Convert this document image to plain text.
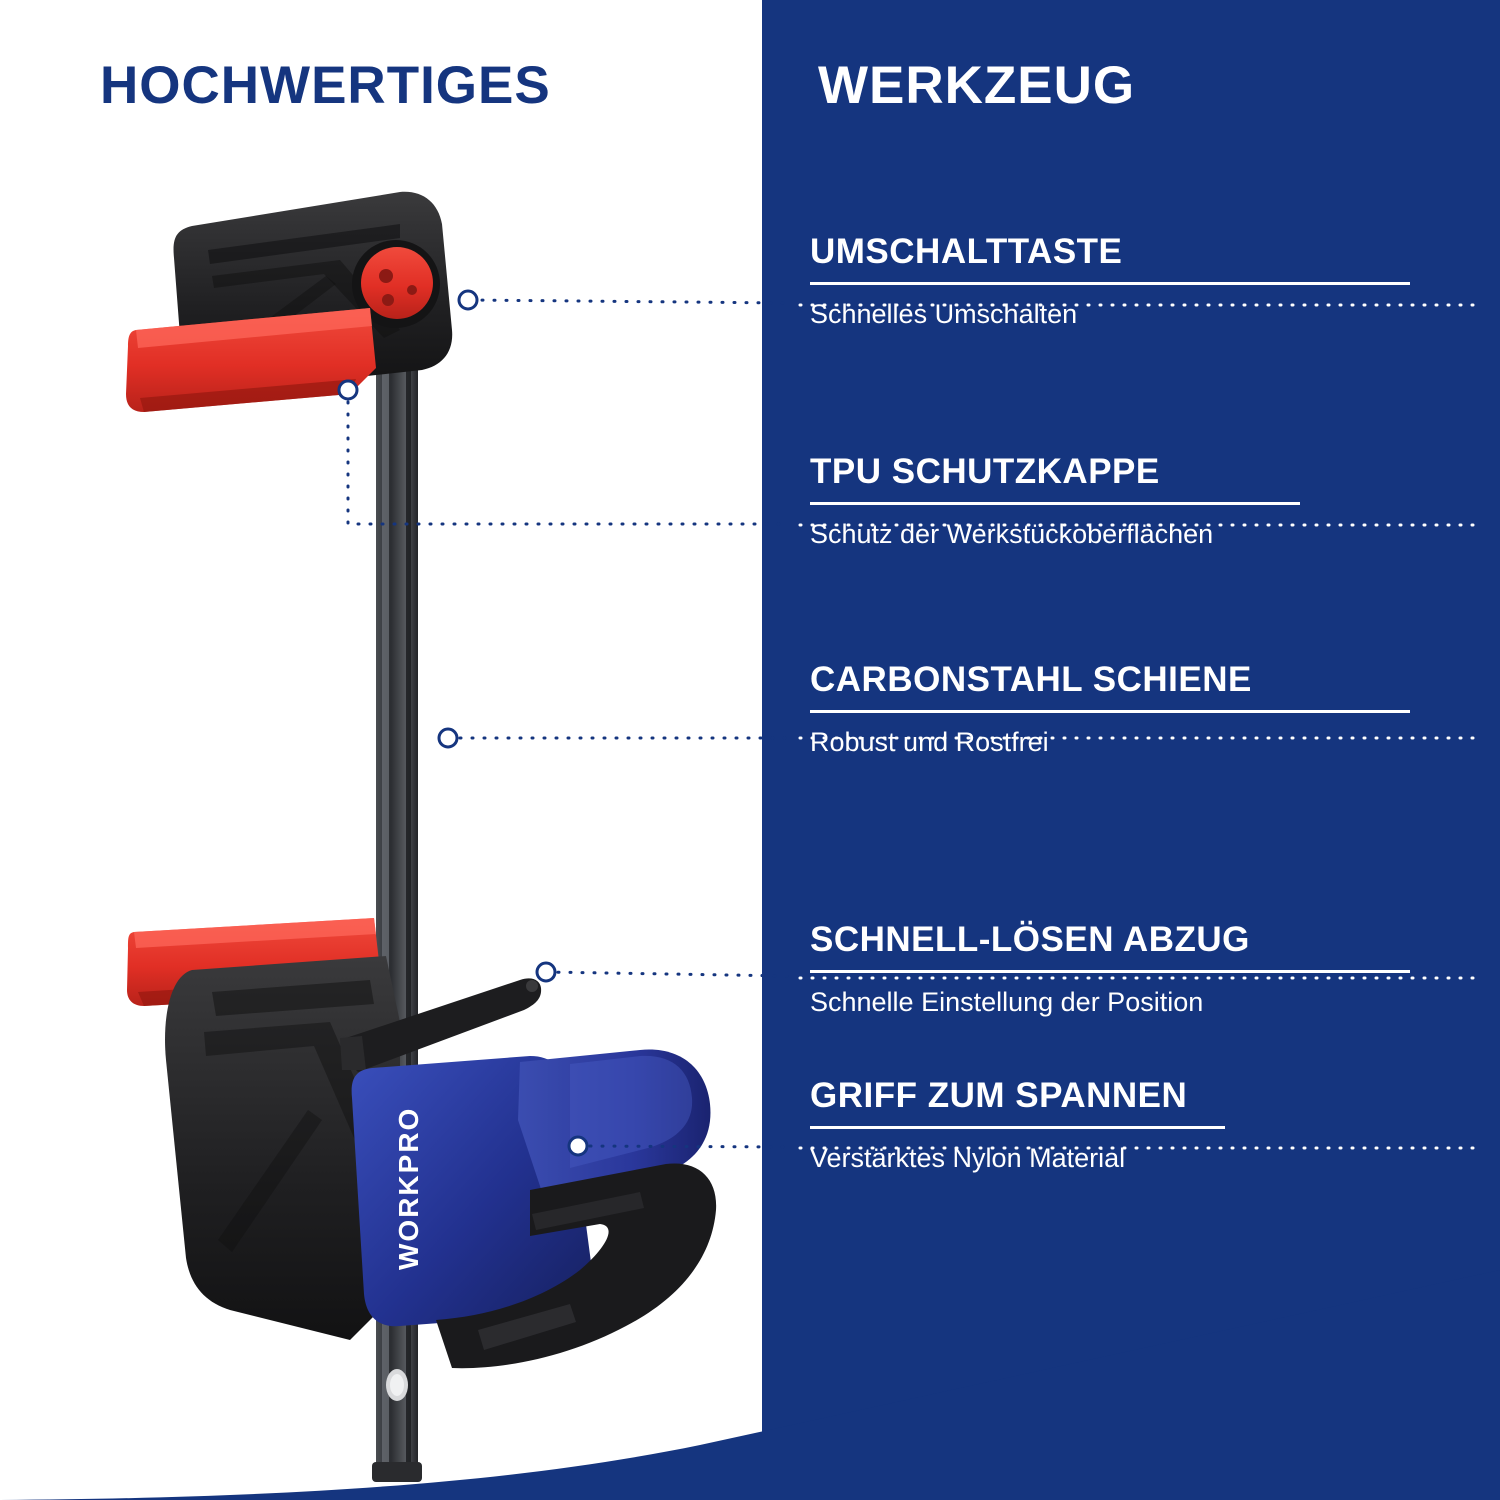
HOCHWERTIGES	WERKZEUG
WORKPRO
UMSCHALTTASTE
Schnelles Umschalten
TPU SCHUTZKAPPE
Schutz der Werkstückoberflächen
CARBONSTAHL SCHIENE
Robust und Rostfrei
SCHNELL-LÖSEN ABZUG
Schnelle Einstellung der Position
GRIFF ZUM SPANNEN
Verstärktes Nylon Material
